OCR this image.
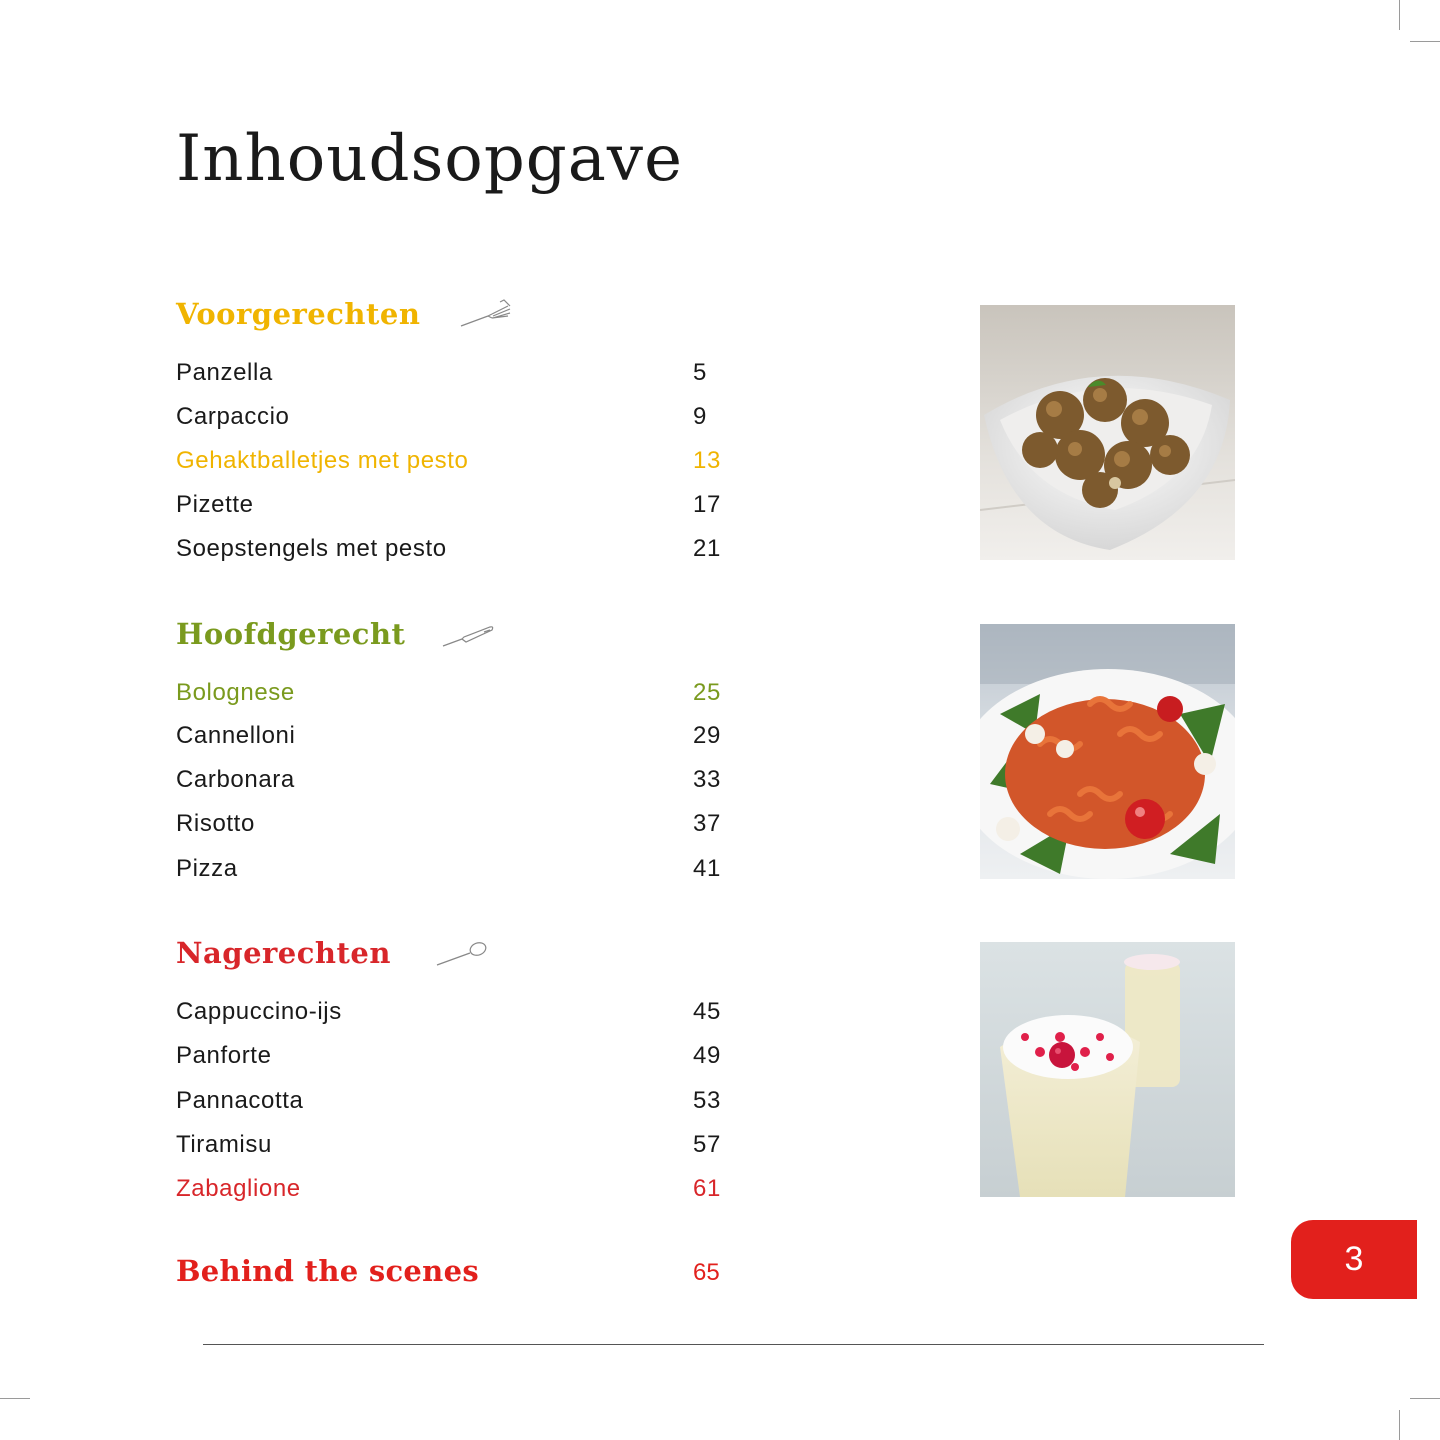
Inhoudsopgave
Voorgerechten
Panzella	5
Carpaccio	9
Gehaktballetjes met pesto	13
Pizette	17
Soepstengels met pesto	21
Hoofdgerecht
Bolognese	25
Cannelloni	29
Carbonara	33
Risotto	37
Pizza	41
Nagerechten
Cappuccino-ijs	45
Panforte	49
Pannacotta	53
Tiramisu	57
Zabaglione	61
Behind the scenes	65	3
